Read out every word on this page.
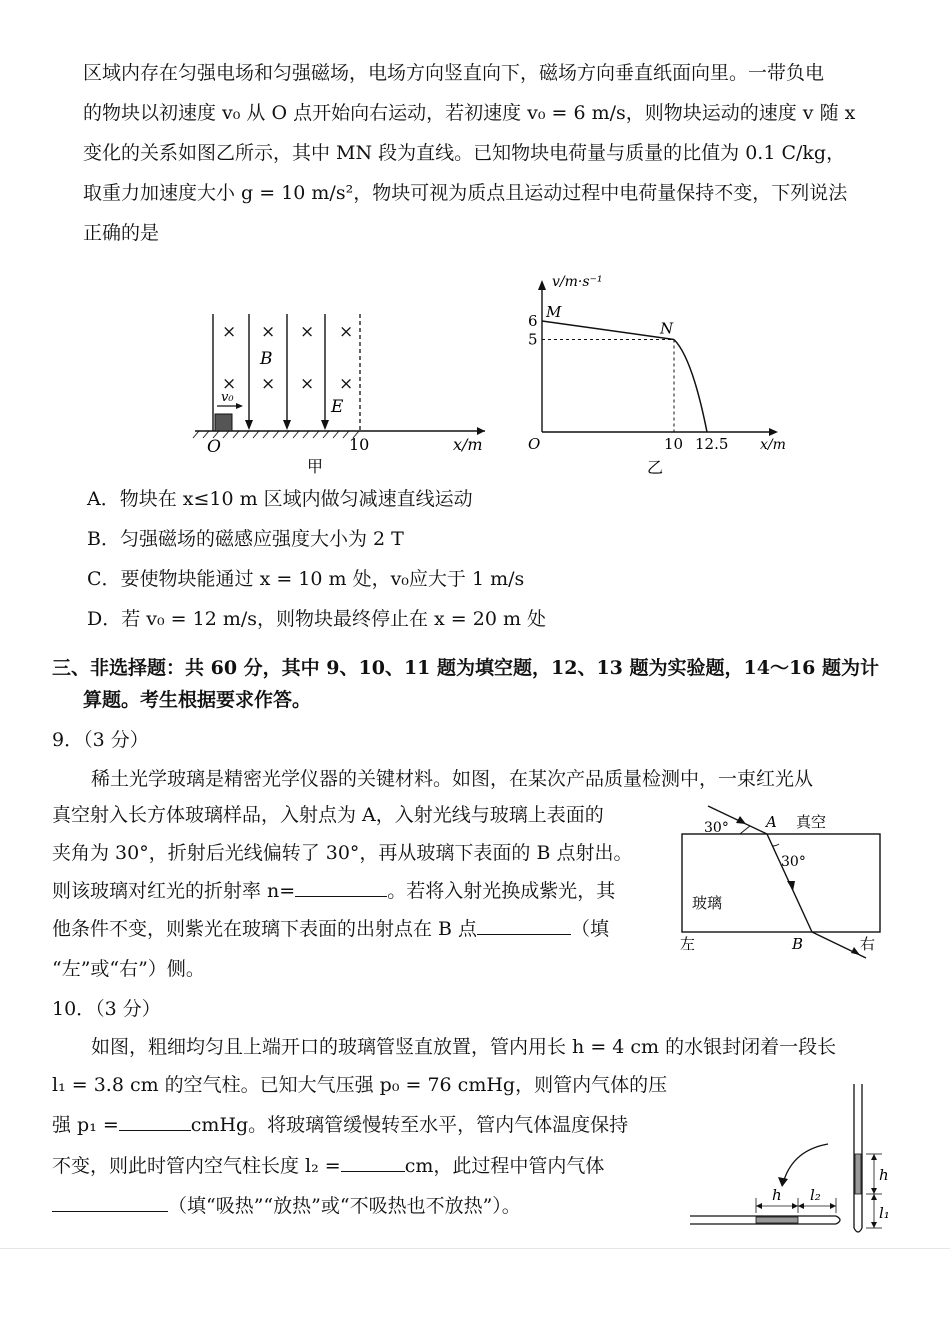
区域内存在匀强电场和匀强磁场，电场方向竖直向下，磁场方向垂直纸面向里。一带负电
的物块以初速度 v₀ 从 O 点开始向右运动，若初速度 v₀ = 6 m/s，则物块运动的速度 v 随 x
变化的关系如图乙所示，其中 MN 段为直线。已知物块电荷量与质量的比值为 0.1 C/kg，
取重力加速度大小 g = 10 m/s²，物块可视为质点且运动过程中电荷量保持不变，下列说法
正确的是
× × × ×
× × × ×
v₀
B
E
O	10	x/m
甲
v/m·s⁻¹
M
N
6
5
O	10 12.5 x/m
乙
A．物块在 x≤10 m 区域内做匀减速直线运动
B．匀强磁场的磁感应强度大小为 2 T
C．要使物块能通过 x = 10 m 处，v₀应大于 1 m/s
D．若 v₀ = 12 m/s，则物块最终停止在 x = 20 m 处
三、非选择题：共 60 分，其中 9、10、11 题为填空题，12、13 题为实验题，14～16 题为计
算题。考生根据要求作答。
9．（3 分）
稀土光学玻璃是精密光学仪器的关键材料。如图，在某次产品质量检测中，一束红光从
真空射入长方体玻璃样品，入射点为 A，入射光线与玻璃上表面的
夹角为 30°，折射后光线偏转了 30°，再从玻璃下表面的 B 点射出。
则该玻璃对红光的折射率 n=	。若将入射光换成紫光，其
他条件不变，则紫光在玻璃下表面的出射点在 B 点	（填
“左”或“右”）侧。
30° A 真空
30°
玻璃
左	B	右
10．（3 分）
如图，粗细均匀且上端开口的玻璃管竖直放置，管内用长 h = 4 cm 的水银封闭着一段长
l₁ = 3.8 cm 的空气柱。已知大气压强 p₀ = 76 cmHg，则管内气体的压
强 p₁ =	cmHg。将玻璃管缓慢转至水平，管内气体温度保持
不变，则此时管内空气柱长度 l₂ =	cm，此过程中管内气体
（填“吸热”“放热”或“不吸热也不放热”）。	h l₂
h
l₁
